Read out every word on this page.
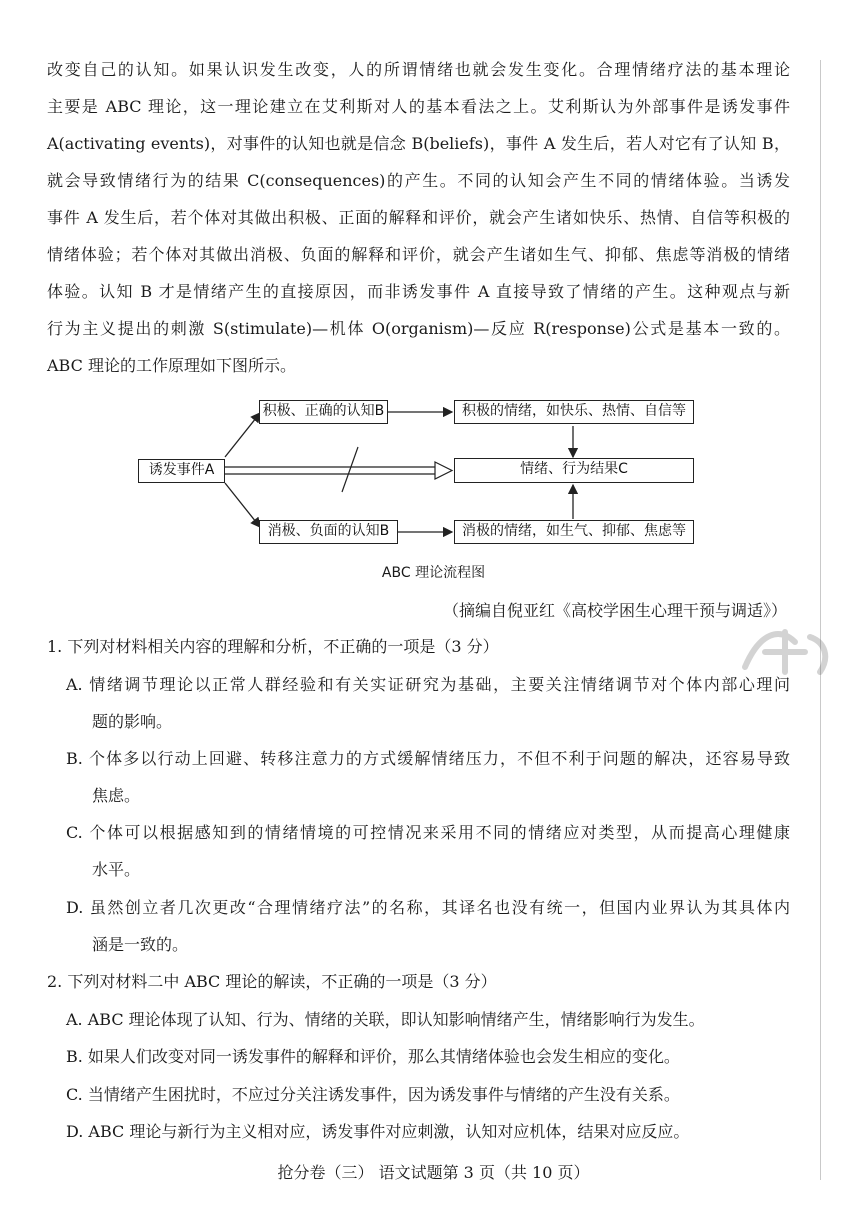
改变自己的认知。如果认识发生改变，人的所谓情绪也就会发生变化。合理情绪疗法的基本理论
主要是 ABC 理论，这一理论建立在艾利斯对人的基本看法之上。艾利斯认为外部事件是诱发事件
A(activating events)，对事件的认知也就是信念 B(beliefs)，事件 A 发生后，若人对它有了认知 B，
就会导致情绪行为的结果 C(consequences)的产生。不同的认知会产生不同的情绪体验。当诱发
事件 A 发生后，若个体对其做出积极、正面的解释和评价，就会产生诸如快乐、热情、自信等积极的
情绪体验；若个体对其做出消极、负面的解释和评价，就会产生诸如生气、抑郁、焦虑等消极的情绪
体验。认知 B 才是情绪产生的直接原因，而非诱发事件 A 直接导致了情绪的产生。这种观点与新
行为主义提出的刺激 S(stimulate)—机体 O(organism)—反应 R(response)公式是基本一致的。
ABC 理论的工作原理如下图所示。
诱发事件A
积极、正确的认知B
消极、负面的认知B
积极的情绪，如快乐、热情、自信等
情绪、行为结果C
消极的情绪，如生气、抑郁、焦虑等
ABC 理论流程图
（摘编自倪亚红《高校学困生心理干预与调适》）
1. 下列对材料相关内容的理解和分析，不正确的一项是（3 分）
A. 情绪调节理论以正常人群经验和有关实证研究为基础，主要关注情绪调节对个体内部心理问
题的影响。
B. 个体多以行动上回避、转移注意力的方式缓解情绪压力，不但不利于问题的解决，还容易导致
焦虑。
C. 个体可以根据感知到的情绪情境的可控情况来采用不同的情绪应对类型，从而提高心理健康
水平。
D. 虽然创立者几次更改“合理情绪疗法”的名称，其译名也没有统一，但国内业界认为其具体内
涵是一致的。
2. 下列对材料二中 ABC 理论的解读，不正确的一项是（3 分）
A. ABC 理论体现了认知、行为、情绪的关联，即认知影响情绪产生，情绪影响行为发生。
B. 如果人们改变对同一诱发事件的解释和评价，那么其情绪体验也会发生相应的变化。
C. 当情绪产生困扰时，不应过分关注诱发事件，因为诱发事件与情绪的产生没有关系。
D. ABC 理论与新行为主义相对应，诱发事件对应刺激，认知对应机体，结果对应反应。
抢分卷（三） 语文试题第 3 页（共 10 页）
